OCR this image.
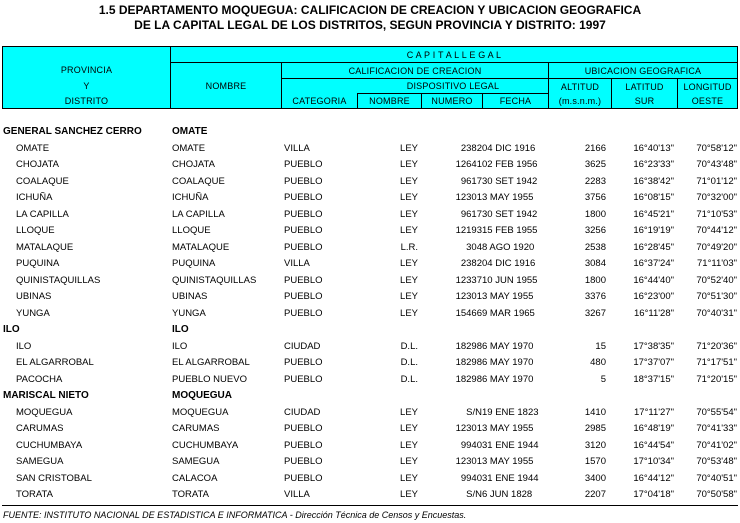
1.5 DEPARTAMENTO MOQUEGUA: CALIFICACION DE CREACION Y UBICACION GEOGRAFICA
DE LA CAPITAL LEGAL DE LOS DISTRITOS, SEGUN PROVINCIA Y DISTRITO: 1997
PROVINCIA
Y
DISTRITO
C A P I T A L L E G A L
NOMBRE
CALIFICACION DE CREACION	UBICACION GEOGRAFICA
DISPOSITIVO LEGAL
CATEGORIA	NOMBRE	NUMERO	FECHA
ALTITUD
(m.s.n.m.)
LATITUD
SUR
LONGITUD
OESTE
GENERAL SANCHEZ CERRO	OMATE
OMATE	OMATE	VILLA	LEY	2382 04 DIC 1916	2166	16°40'13"	70°58'12"
CHOJATA	CHOJATA	PUEBLO	LEY	12641 02 FEB 1956	3625	16°23'33"	70°43'48"
COALAQUE	COALAQUE	PUEBLO	LEY	9617 30 SET 1942	2283	16°38'42"	71°01'12"
ICHUÑA	ICHUÑA	PUEBLO	LEY	12301 3 MAY 1955	3756	16°08'15"	70°32'00"
LA CAPILLA	LA CAPILLA	PUEBLO	LEY	9617 30 SET 1942	1800	16°45'21"	71°10'53"
LLOQUE	LLOQUE	PUEBLO	LEY	12193 15 FEB 1955	3256	16°19'19"	70°44'12"
MATALAQUE	MATALAQUE	PUEBLO	L.R.	304 8 AGO 1920	2538	16°28'45"	70°49'20"
PUQUINA	PUQUINA	VILLA	LEY	2382 04 DIC 1916	3084	16°37'24"	71°11'03"
QUINISTAQUILLAS	QUINISTAQUILLAS	PUEBLO	LEY	12337 10 JUN 1955	1800	16°44'40"	70°52'40"
UBINAS	UBINAS	PUEBLO	LEY	12301 3 MAY 1955	3376	16°23'00"	70°51'30"
YUNGA	YUNGA	PUEBLO	LEY	15466 9 MAR 1965	3267	16°11'28"	70°40'31"
ILO	ILO
ILO	ILO	CIUDAD	D.L.	18298 6 MAY 1970	15	17°38'35"	71°20'36"
EL ALGARROBAL	EL ALGARROBAL	PUEBLO	D.L.	18298 6 MAY 1970	480	17°37'07"	71°17'51"
PACOCHA	PUEBLO NUEVO	PUEBLO	D.L.	18298 6 MAY 1970	5	18°37'15"	71°20'15"
MARISCAL NIETO	MOQUEGUA
MOQUEGUA	MOQUEGUA	CIUDAD	LEY	S/N 19 ENE 1823	1410	17°11'27"	70°55'54"
CARUMAS	CARUMAS	PUEBLO	LEY	12301 3 MAY 1955	2985	16°48'19"	70°41'33"
CUCHUMBAYA	CUCHUMBAYA	PUEBLO	LEY	9940 31 ENE 1944	3120	16°44'54"	70°41'02"
SAMEGUA	SAMEGUA	PUEBLO	LEY	12301 3 MAY 1955	1570	17°10'34"	70°53'48"
SAN CRISTOBAL	CALACOA	PUEBLO	LEY	9940 31 ENE 1944	3400	16°44'12"	70°40'51"
TORATA	TORATA	VILLA	LEY	S/N 6 JUN 1828	2207	17°04'18"	70°50'58"
FUENTE: INSTITUTO NACIONAL DE ESTADISTICA E INFORMATICA - Dirección Técnica de Censos y Encuestas.
